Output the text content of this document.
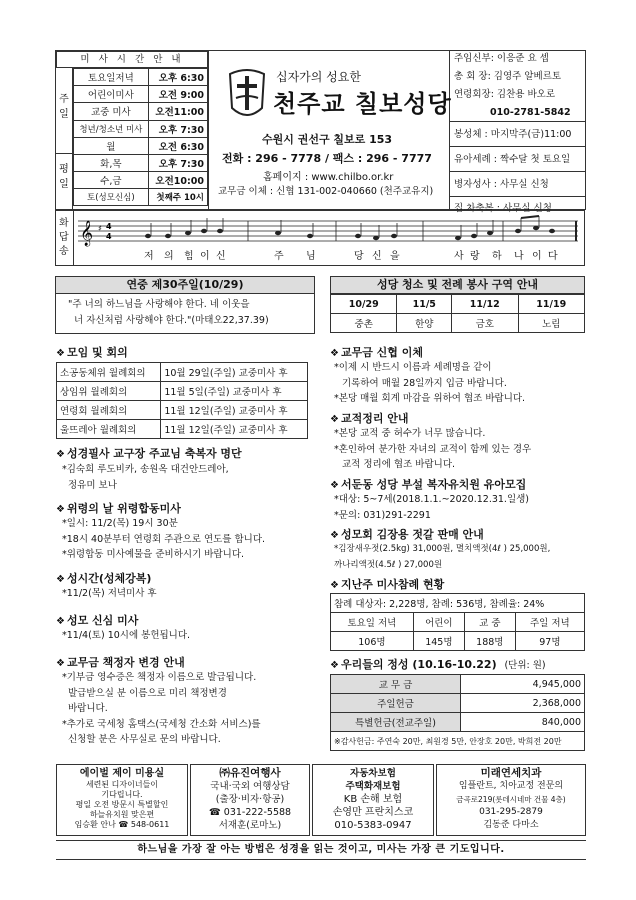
미 사 시 간 안 내
주일
평일
토요일저녁	오후 6:30
어린이미사	오전 9:00
교중 미사	오전11:00
청년/청소년 미사	오후 7:30
월	오전 6:30
화,목	오후 7:30
수,금	오전10:00
토(성모신심)	첫째주 10시
십자가의 성요한
천주교 칠보성당
수원시 권선구 칠보로 153
전화 : 296 - 7778 / 팩스 : 296 - 7777
홈페이지 : www.chilbo.or.kr
교무금 이체 : 신협 131-002-040660 (천주교유지)
주임신부: 이응준 요 셉
총 회 장: 김영주 알베르토
연령회장: 김찬용 바오로
010-2781-5842
봉성체 : 마지막주(금)11:00
유아세례 : 짝수달 첫 토요일
병자성사 : 사무실 신청
집.차축복 : 사무실 신청
화답송
𝄞 ♯ 4
4
저 의 힘 이 신	주 님	당 신 을	사 랑 하 나 이 다
연중 제30주일(10/29)
"주 너의 하느님을 사랑해야 한다. 네 이웃을
너 자신처럼 사랑해야 한다."(마태오22,37.39)
❖ 모임 및 회의
소공동체위 월례회의	10월 29일(주일) 교중미사 후
상임위 월례회의	11월 5일(주일) 교중미사 후
연령회 월례회의	11월 12일(주일) 교중미사 후
울뜨레아 월례회의	11월 12일(주일) 교중미사 후
❖ 성경필사 교구장 주교님 축복자 명단
*김숙희 루도비카, 송원옥 대건안드레아,
정유미 보나
❖ 위령의 날 위령합동미사
*일시: 11/2(목) 19시 30분
*18시 40분부터 연령회 주관으로 연도를 합니다.
*위령합동 미사예물을 준비하시기 바랍니다.
❖ 성시간(성체강복)
*11/2(목) 저녁미사 후
❖ 성모 신심 미사
*11/4(토) 10시에 봉헌됩니다.
❖ 교무금 책정자 변경 안내
*기부금 영수증은 책정자 이름으로 발급됩니다.
발급받으실 분 이름으로 미리 책정변경
바랍니다.
*추가로 국세청 홈택스(국세청 간소화 서비스)를
신청할 분은 사무실로 문의 바랍니다.
성당 청소 및 전례 봉사 구역 안내
10/29	11/5	11/12	11/19
중촌	한양	금호	노림
❖ 교무금 신협 이체
*이제 시 반드시 이름과 세례명을 같이
기록하여 매월 28일까지 입금 바랍니다.
*본당 매월 회계 마감을 위하여 협조 바랍니다.
❖ 교적정리 안내
*본당 교적 중 허수가 너무 많습니다.
*혼인하여 분가한 자녀의 교적이 함께 있는 경우
교적 정리에 협조 바랍니다.
❖ 서둔동 성당 부설 복자유치원 유아모집
*대상: 5~7세(2018.1.1.~2020.12.31.일생)
*문의: 031)291-2291
❖ 성모회 김장용 젓갈 판매 안내
*김장새우젓(2.5kg) 31,000원, 멸치액젓(4ℓ ) 25,000원,
까나리액젓(4.5ℓ ) 27,000원
❖ 지난주 미사참례 현황
참례 대상자: 2,228명, 참례: 536명, 참례율: 24%			
토요일 저녁	어린이	교 중	주일 저녁
106명	145명	188명	97명
❖ 우리들의 정성 (10.16-10.22) (단위: 원)
교 무 금	4,945,000
주일헌금	2,368,000
특별헌금(전교주일)	840,000
※감사헌금: 주연숙 20만, 최원경 5만, 안장호 20만, 박희전 20만	
에이벌 제이 미용실
세련된 디자이너들이
기다립니다.
평일 오전 방문시 특별할인
하늘유치원 맞은편
임승환 안나 ☎ 548-0611
㈜유진여행사
국내·국외 여행상담
(출장·비자·항공)
☎ 031-222-5588
서재훈(로마노)
자동차보험
주택화재보험
KB 손해 보험
손영만 프란치스코
010-5383-0947
미래연세치과
임플란트, 치아교정 전문의
금곡로219(롯데시네마 건물 4층)
031-295-2879
김동준 다마소
하느님을 가장 잘 아는 방법은 성경을 읽는 것이고, 미사는 가장 큰 기도입니다.
